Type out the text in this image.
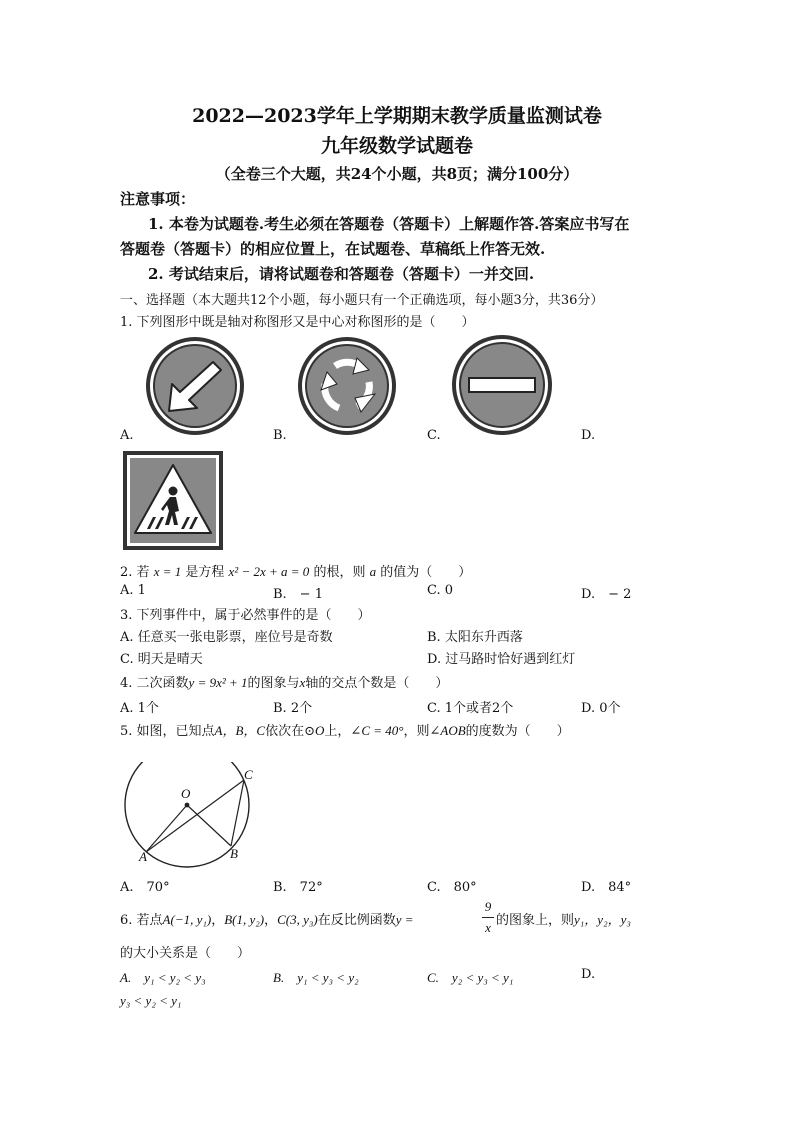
2022—2023学年上学期期末教学质量监测试卷
九年级数学试题卷
（全卷三个大题，共24个小题，共8页；满分100分）
注意事项：
1. 本卷为试题卷.考生必须在答题卷（答题卡）上解题作答.答案应书写在
答题卷（答题卡）的相应位置上，在试题卷、草稿纸上作答无效.
2. 考试结束后，请将试题卷和答题卷（答题卡）一并交回.
一、选择题（本大题共12个小题，每小题只有一个正确选项，每小题3分，共36分）
1. 下列图形中既是轴对称图形又是中心对称图形的是（　　）
A.	B.	C.	D.
2. 若 x = 1 是方程 x² − 2x + a = 0 的根，则 a 的值为（　　）
A. 1	B.　− 1	C. 0	D.　− 2
3. 下列事件中，属于必然事件的是（　　）
A. 任意买一张电影票，座位号是奇数	B. 太阳东升西落
C. 明天是晴天	D. 过马路时恰好遇到红灯
4. 二次函数y = 9x² + 1的图象与x轴的交点个数是（　　）
A. 1个	B. 2个	C. 1个或者2个	D. 0个
5. 如图，已知点A，B，C依次在⊙O上，∠C = 40°，则∠AOB的度数为（　　）
O
A	B
C
A.　70°	B.　72°	C.　80°	D.　84°
6. 若点A(−1, y₁)，B(1, y₂)，C(3, y₃)在反比例函数y =
9
x 的图象上，则y₁，y₂，y₃
的大小关系是（　　）
A.　y₁ < y₂ < y₃	B.　y₁ < y₃ < y₂	C.　y₂ < y₃ < y₁	D.
y₃ < y₂ < y₁
